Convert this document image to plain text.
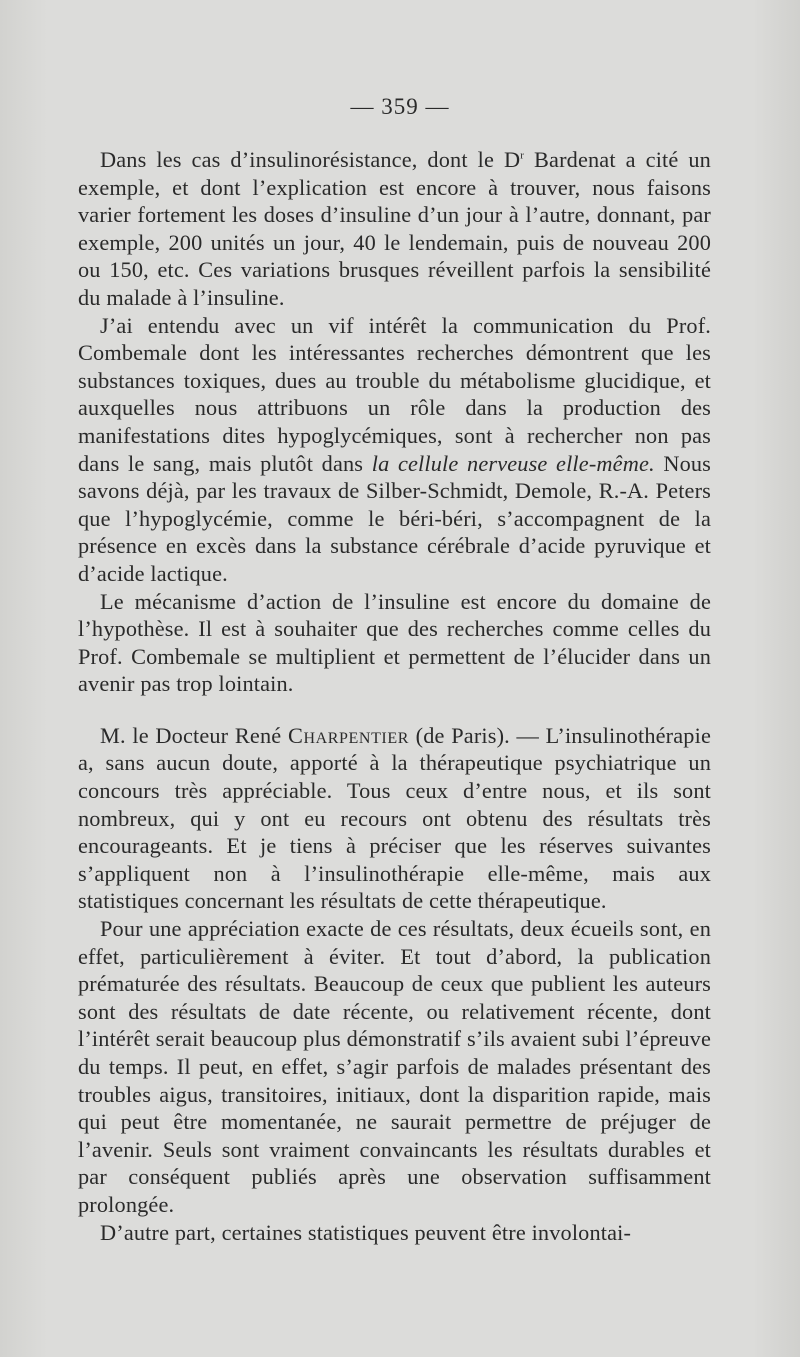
— 359 —

Dans les cas d’insulinorésistance, dont le $D^r$ Bardenat a cité un exemple, et dont l’explication est encore à trouver, nous faisons varier fortement les doses d’insuline d’un jour à l’autre, donnant, par exemple, 200 unités un jour, 40 le lendemain, puis de nouveau 200 ou 150, etc. Ces variations brusques réveillent parfois la sensibilité du malade à l’insuline.

J’ai entendu avec un vif intérêt la communication du Prof. Combemale dont les intéressantes recherches démontrent que les substances toxiques, dues au trouble du métabolisme glucidique, et auxquelles nous attribuons un rôle dans la production des manifestations dites hypoglycémiques, sont à rechercher non pas dans le sang, mais plutôt dans la cellule nerveuse elle-même. Nous savons déjà, par les travaux de Silber-Schmidt, Demole, R.-A. Peters que l’hypoglycémie, comme le béri-béri, s’accompagnent de la présence en excès dans la substance cérébrale d’acide pyruvique et d’acide lactique.

Le mécanisme d’action de l’insuline est encore du domaine de l’hypothèse. Il est à souhaiter que des recherches comme celles du Prof. Combemale se multiplient et permettent de l’élucider dans un avenir pas trop lointain.

M. le Docteur René Charpentier (de Paris). — L’insulinothérapie a, sans aucun doute, apporté à la thérapeutique psychiatrique un concours très appréciable. Tous ceux d’entre nous, et ils sont nombreux, qui y ont eu recours ont obtenu des résultats très encourageants. Et je tiens à préciser que les réserves suivantes s’appliquent non à l’insulinothérapie elle-même, mais aux statistiques concernant les résultats de cette thérapeutique.

Pour une appréciation exacte de ces résultats, deux écueils sont, en effet, particulièrement à éviter. Et tout d’abord, la publication prématurée des résultats. Beaucoup de ceux que publient les auteurs sont des résultats de date récente, ou relativement récente, dont l’intérêt serait beaucoup plus démonstratif s’ils avaient subi l’épreuve du temps. Il peut, en effet, s’agir parfois de malades présentant des troubles aigus, transitoires, initiaux, dont la disparition rapide, mais qui peut être momentanée, ne saurait permettre de préjuger de l’avenir. Seuls sont vraiment convaincants les résultats durables et par conséquent publiés après une observation suffisamment prolongée.

D’autre part, certaines statistiques peuvent être involontai-
